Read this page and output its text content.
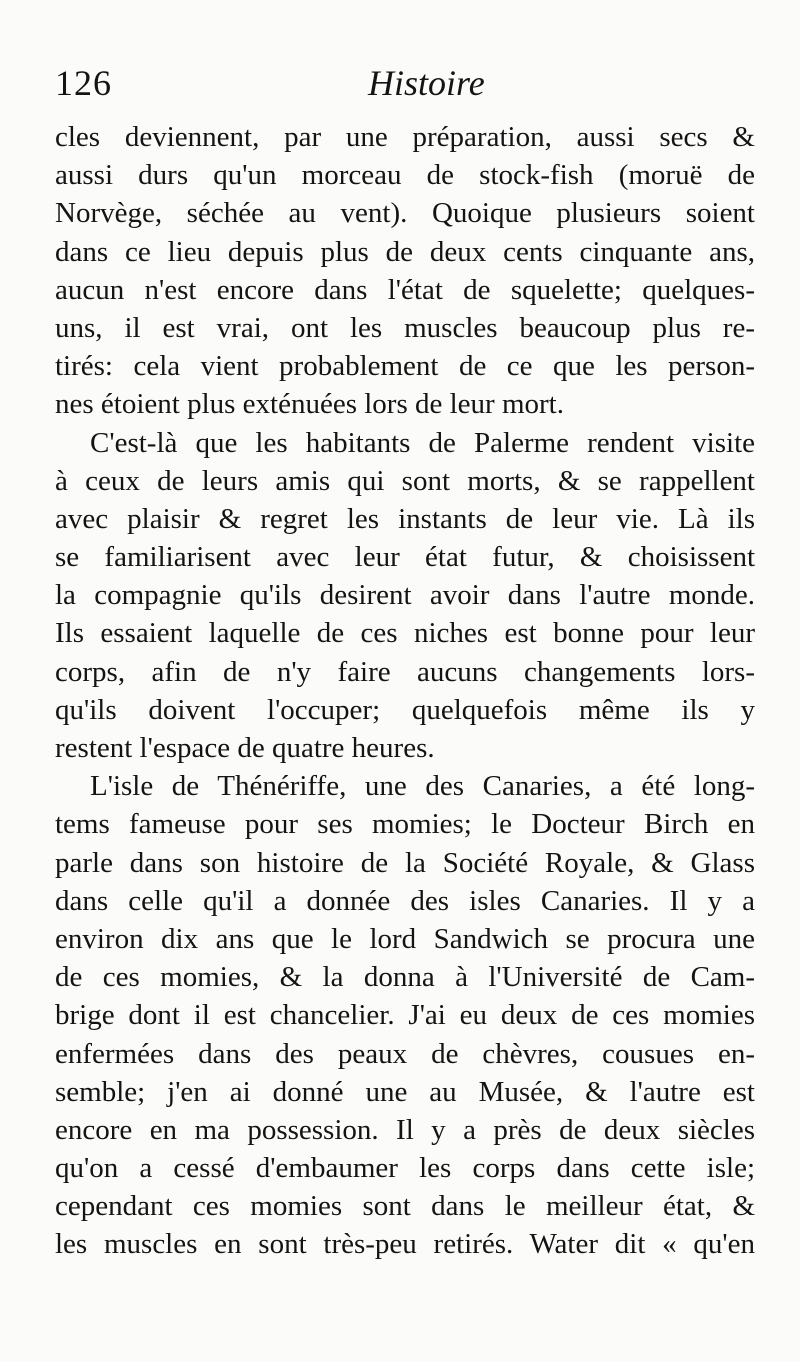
126	Histoire
cles deviennent, par une préparation, aussi secs &
aussi durs qu'un morceau de stock-fish (moruë de
Norvège, séchée au vent). Quoique plusieurs soient
dans ce lieu depuis plus de deux cents cinquante ans,
aucun n'est encore dans l'état de squelette; quelques-
uns, il est vrai, ont les muscles beaucoup plus re-
tirés: cela vient probablement de ce que les person-
nes étoient plus exténuées lors de leur mort.
C'est-là que les habitants de Palerme rendent visite
à ceux de leurs amis qui sont morts, & se rappellent
avec plaisir & regret les instants de leur vie. Là ils
se familiarisent avec leur état futur, & choisissent
la compagnie qu'ils desirent avoir dans l'autre monde.
Ils essaient laquelle de ces niches est bonne pour leur
corps, afin de n'y faire aucuns changements lors-
qu'ils doivent l'occuper; quelquefois même ils y
restent l'espace de quatre heures.
L'isle de Thénériffe, une des Canaries, a été long-
tems fameuse pour ses momies; le Docteur Birch en
parle dans son histoire de la Société Royale, & Glass
dans celle qu'il a donnée des isles Canaries. Il y a
environ dix ans que le lord Sandwich se procura une
de ces momies, & la donna à l'Université de Cam-
brige dont il est chancelier. J'ai eu deux de ces momies
enfermées dans des peaux de chèvres, cousues en-
semble; j'en ai donné une au Musée, & l'autre est
encore en ma possession. Il y a près de deux siècles
qu'on a cessé d'embaumer les corps dans cette isle;
cependant ces momies sont dans le meilleur état, &
les muscles en sont très-peu retirés. Water dit « qu'en
